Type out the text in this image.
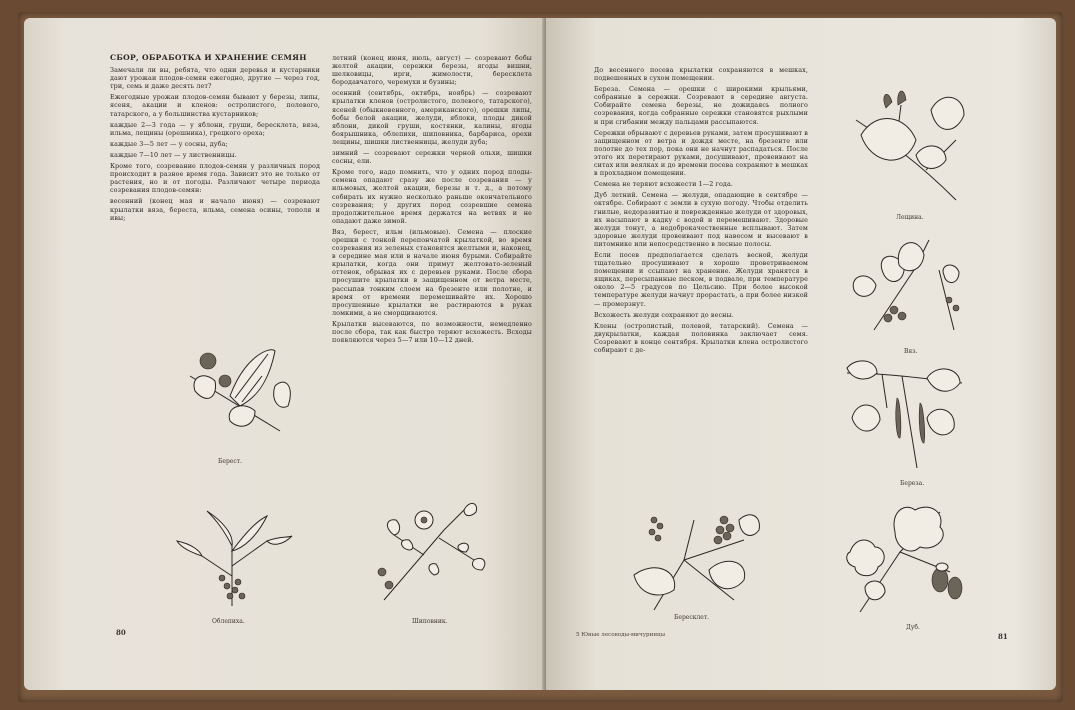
СБОР, ОБРАБОТКА И ХРАНЕНИЕ СЕМЯН

Замечали ли вы, ребята, что одни деревья и кустарники дают урожаи плодов-семян ежегодно, другие — через год, три, семь и даже десять лет?

Ежегодные урожаи плодов-семян бывают у березы, липы, ясеня, акации и кленов: остролистого, полевого, татарского, а у большинства кустарников;

каждые 2—3 года — у яблони, груши, бересклета, вяза, ильма, лещины (орешника), грецкого ореха;

каждые 3—5 лет — у сосны, дуба;

каждые 7—10 лет — у лиственницы.

Кроме того, созревание плодов-семян у различных пород происходит в разное время года. Зависит это не только от растения, но и от погоды. Различают четыре периода созревания плодов-семян:

весенний (конец мая и начало июня) — созревают крылатки вяза, береста, ильма, семена осины, тополя и ивы;

летний (конец июня, июль, август) — созревают бобы желтой акации, сережки березы, ягоды вишни, шелковицы, ирги, жимолости, бересклета бородавчатого, черемухи и бузины;

осенний (сентябрь, октябрь, ноябрь) — созревают крылатки кленов (остролистого, полевого, татарского), ясеней (обыкновенного, американского), орешки липы, бобы белой акации, желуди, яблоки, плоды дикой яблони, дикой груши, костянки, калины, ягоды боярышника, облепихи, шиповника, барбариса, орехи лещины, шишки лиственницы, желуди дуба;

зимний — созревают сережки черной ольхи, шишки сосны, ели.

Кроме того, надо помнить, что у одних пород плоды-семена опадают сразу же после созревания — у ильмовых, желтой акации, березы и т. д., а потому собирать их нужно несколько раньше окончательного созревания; у других пород созревшие семена продолжительное время держатся на ветвях и не опадают даже зимой.

Вяз, берест, ильм (ильмовые). Семена — плоские орешки с тонкой перепончатой крылаткой, во время созревания из зеленых становятся желтыми и, наконец, в середине мая или в начале июня бурыми. Собирайте крылатки, когда они примут желтовато-зеленый оттенок, обрывая их с деревьев руками. После сбора просушите крылатки в защищенном от ветра месте, рассыпав тонким слоем на брезенте или полотне, и время от времени перемешивайте их. Хорошо просушенные крылатки не растираются в руках ломкими, а не сморщиваются.

Крылатки высеваются, по возможности, немедленно после сбора, так как быстро теряют всхожесть. Всходы появляются через 5—7 или 10—12 дней.

Берест.
Облепиха.	Шиповник.
80

До весеннего посева крылатки сохраняются в мешках, подвешенных в сухом помещении.

Береза. Семена — орешки с широкими крыльями, собранные в сережки. Созревают в середине августа. Собирайте семена березы, не дожидаясь полного созревания, когда собранные сережки становятся рыхлыми и при сгибании между пальцами рассыпаются.

Сережки обрывают с деревьев руками, затем просушивают в защищенном от ветра и дождя месте, на брезенте или полотне до тех пор, пока они не начнут распадаться. После этого их перетирают руками, досушивают, провеивают на ситах или веялках и до времени посева сохраняют в мешках в прохладном помещении.

Семена не теряют всхожести 1—2 года.

Дуб летний. Семена — желуди, опадающие в сентябре — октябре. Собирают с земли в сухую погоду. Чтобы отделить гнилые, недоразвитые и поврежденные желуди от здоровых, их насыпают в кадку с водой и перемешивают. Здоровые желуди тонут, а недоброкачественные всплывают. Затем здоровые желуди провеивают под навесом и высевают в питомнике или непосредственно в лесные полосы.

Если посев предполагается сделать весной, желуди тщательно просушивают в хорошо проветриваемом помещении и ссыпают на хранение. Желуди хранятся в ящиках, пересыпанные песком, в подвале, при температуре около 2—5 градусов по Цельсию. При более высокой температуре желуди начнут прорастать, а при более низкой — промерзнут.

Всхожесть желуди сохраняют до весны.

Клены (остролистый, полевой, татарский). Семена — двукрылатки, каждая половинка заключает семя. Созревают в конце сентября. Крылатки клена остролистого собирают с де-

Лещина.
Вяз.
Береза.
Бересклет.
Дуб.
5 Юные лесоводы-мичуринцы	81
